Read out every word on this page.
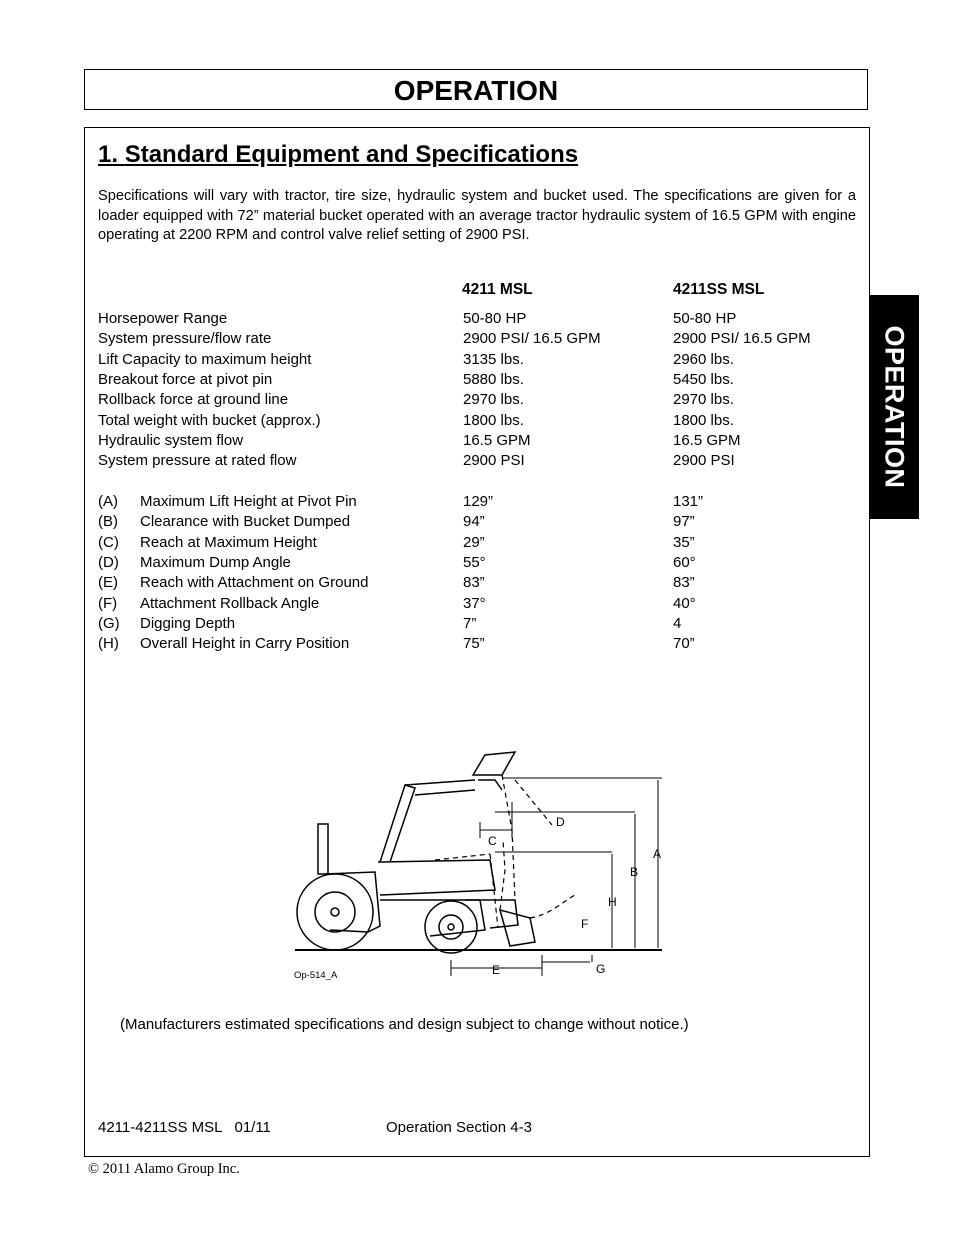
OPERATION
OPERATION
1. Standard Equipment and Specifications
Specifications will vary with tractor, tire size, hydraulic system and bucket used. The specifications are given for a loader equipped with 72” material bucket operated with an average tractor hydraulic system of 16.5 GPM with engine operating at 2200 RPM and control valve relief setting of 2900 PSI.
4211 MSL	4211SS MSL
Horsepower Range	50-80 HP	50-80 HP
System pressure/flow rate	2900 PSI/ 16.5 GPM	2900 PSI/ 16.5 GPM
Lift Capacity to maximum height	3135 lbs.	2960 lbs.
Breakout force at pivot pin	5880 lbs.	5450 lbs.
Rollback force at ground line	2970 lbs.	2970 lbs.
Total weight with bucket (approx.)	1800 lbs.	1800 lbs.
Hydraulic system flow	16.5 GPM	16.5 GPM
System pressure at rated flow	2900 PSI	2900 PSI
(A) Maximum Lift Height at Pivot Pin	129”	131”
(B) Clearance with Bucket Dumped	94”	97”
(C) Reach at Maximum Height	29”	35”
(D) Maximum Dump Angle	55°	60°
(E) Reach with Attachment on Ground	83”	83”
(F) Attachment Rollback Angle	37°	40°
(G) Digging Depth	7”	4
(H) Overall Height in Carry Position	75”	70”
A
B
C
D
E
F
G
H
Op-514_A
(Manufacturers estimated specifications and design subject to change without notice.)
4211-4211SS MSL   01/11	Operation Section 4-3
© 2011 Alamo Group Inc.
